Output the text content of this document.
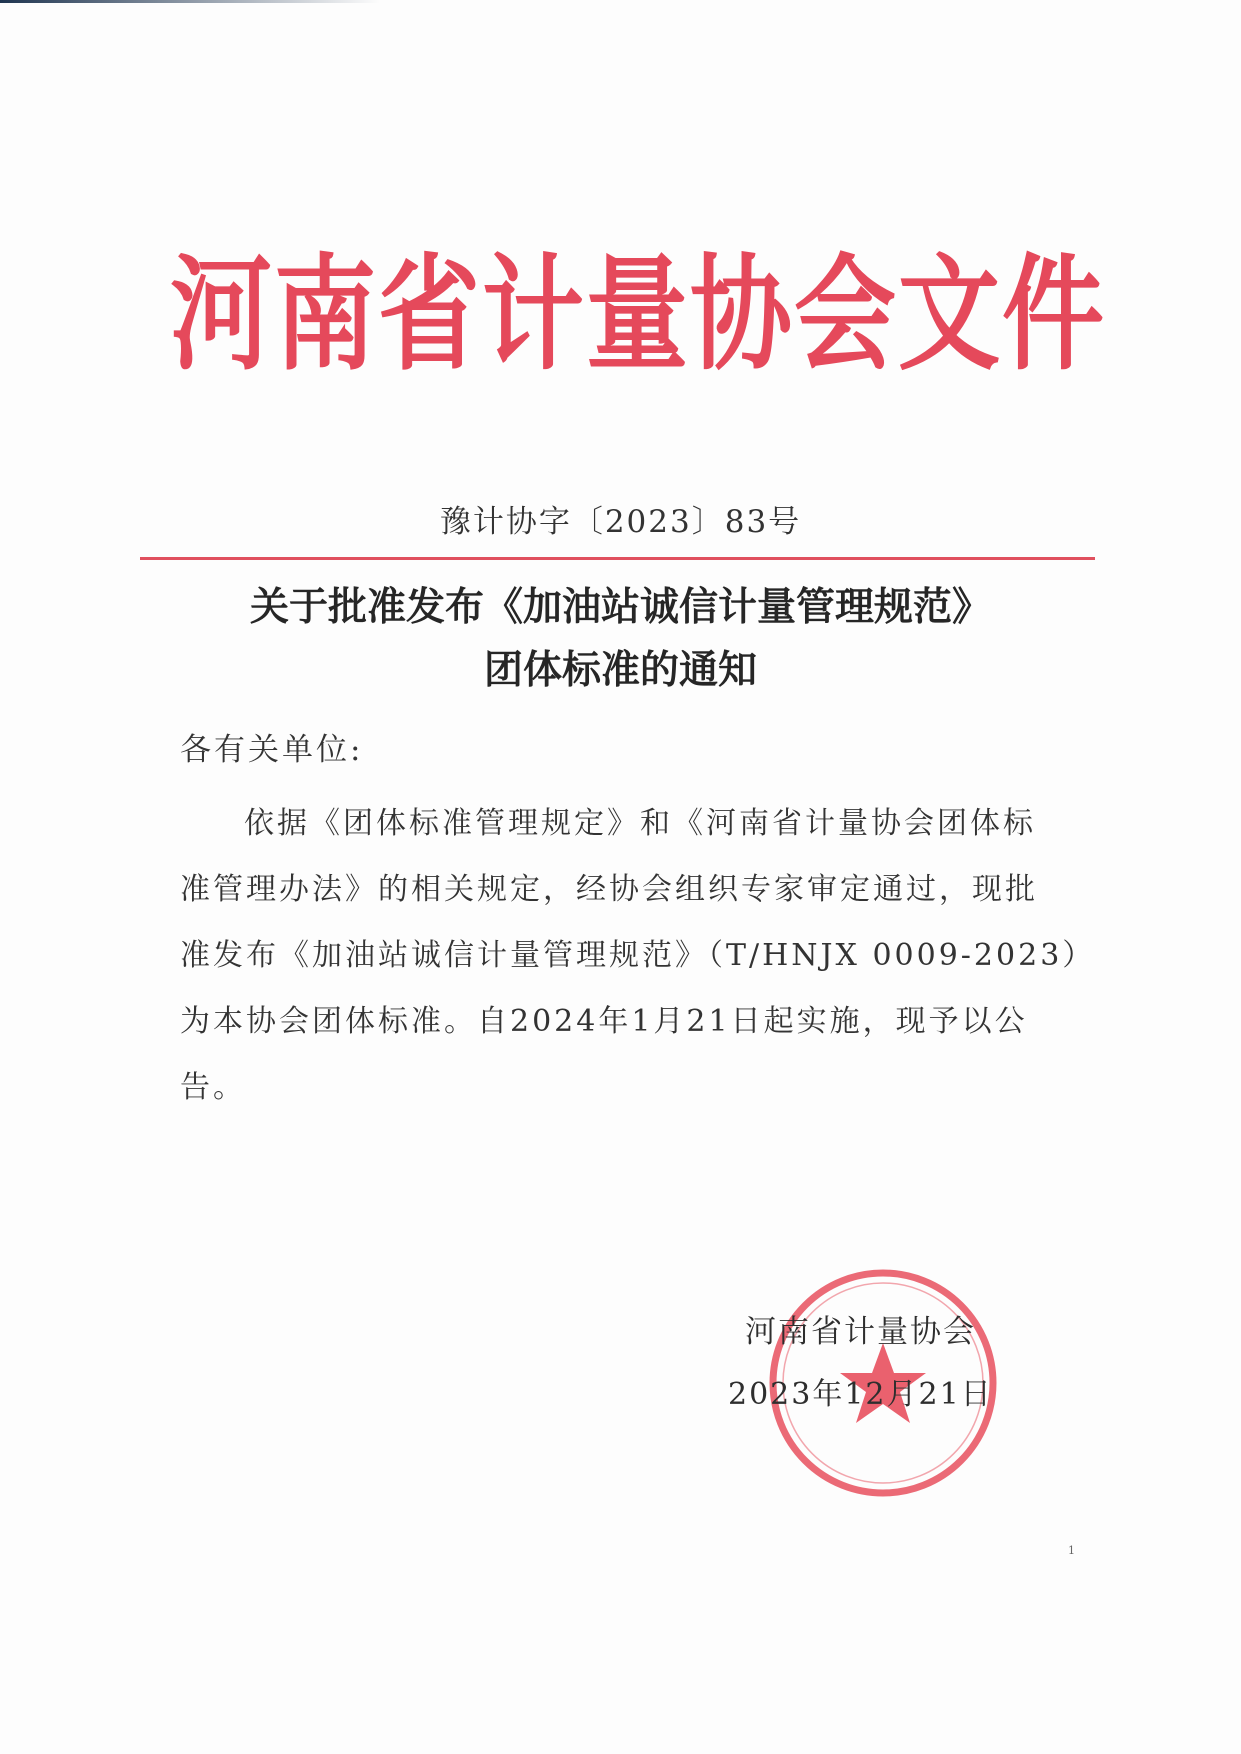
河南省计量协会文件
豫计协字〔2023〕83号
关于批准发布《加油站诚信计量管理规范》
团体标准的通知
各有关单位:
依据《团体标准管理规定》和《河南省计量协会团体标
准管理办法》的相关规定，经协会组织专家审定通过，现批
准发布《加油站诚信计量管理规范》（T/HNJX 0009-2023）
为本协会团体标准。自2024年1月21日起实施，现予以公
告。
河南省计量协会
2023年12月21日
1
